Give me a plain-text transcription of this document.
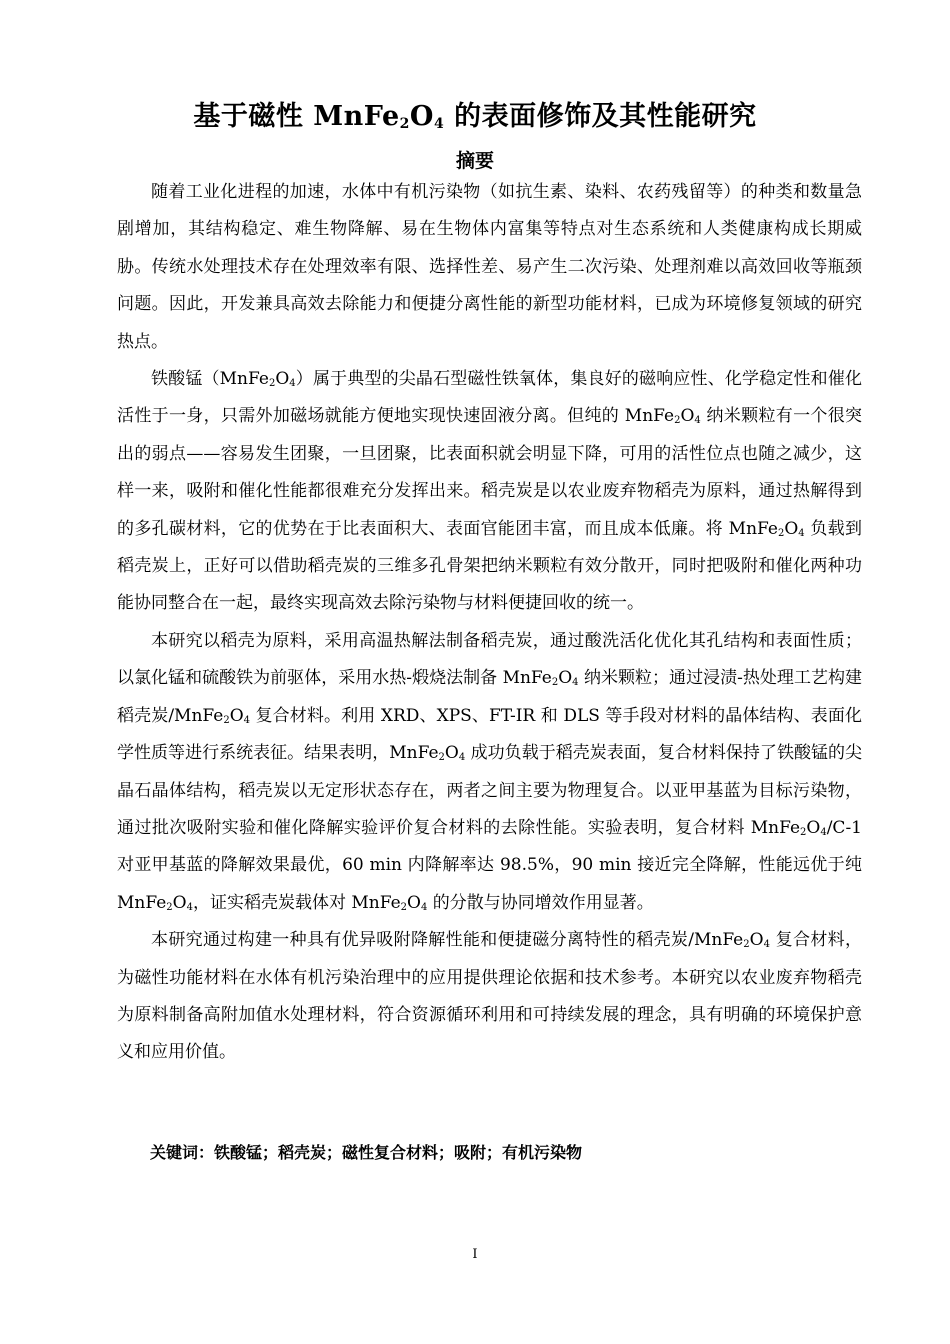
基于磁性 $MnFe_2O_4$ 的表面修饰及其性能研究
摘要

随着工业化进程的加速，水体中有机污染物（如抗生素、染料、农药残留等）的种类和数量急剧增加，其结构稳定、难生物降解、易在生物体内富集等特点对生态系统和人类健康构成长期威胁。传统水处理技术存在处理效率有限、选择性差、易产生二次污染、处理剂难以高效回收等瓶颈问题。因此，开发兼具高效去除能力和便捷分离性能的新型功能材料，已成为环境修复领域的研究热点。

铁酸锰$(MnFe_2O_4)$属于典型的尖晶石型磁性铁氧体，集良好的磁响应性、化学稳定性和催化活性于一身，只需外加磁场就能方便地实现快速固液分离。但纯的 $MnFe_2O_4$ 纳米颗粒有一个很突出的弱点——容易发生团聚，一旦团聚，比表面积就会明显下降，可用的活性位点也随之减少，这样一来，吸附和催化性能都很难充分发挥出来。稻壳炭是以农业废弃物稻壳为原料，通过热解得到的多孔碳材料，它的优势在于比表面积大、表面官能团丰富，而且成本低廉。将 $MnFe_2O_4$ 负载到稻壳炭上，正好可以借助稻壳炭的三维多孔骨架把纳米颗粒有效分散开，同时把吸附和催化两种功能协同整合在一起，最终实现高效去除污染物与材料便捷回收的统一。

本研究以稻壳为原料，采用高温热解法制备稻壳炭，通过酸洗活化优化其孔结构和表面性质；以氯化锰和硫酸铁为前驱体，采用水热-煅烧法制备 $MnFe_2O_4$ 纳米颗粒；通过浸渍-热处理工艺构建稻壳炭$/MnFe_2O_4$ 复合材料。利用 XRD、XPS、FT-IR 和 DLS 等手段对材料的晶体结构、表面化学性质等进行系统表征。结果表明，$MnFe_2O_4$ 成功负载于稻壳炭表面，复合材料保持了铁酸锰的尖晶石晶体结构，稻壳炭以无定形状态存在，两者之间主要为物理复合。以亚甲基蓝为目标污染物，通过批次吸附实验和催化降解实验评价复合材料的去除性能。实验表明，复合材料 $MnFe_2O_4/C-1$ 对亚甲基蓝的降解效果最优，60 min 内降解率达 98.5%，90 min 接近完全降解，性能远优于纯 $MnFe_2O_4$，证实稻壳炭载体对 $MnFe_2O_4$ 的分散与协同增效作用显著。

本研究通过构建一种具有优异吸附降解性能和便捷磁分离特性的稻壳炭$/MnFe_2O_4$ 复合材料，为磁性功能材料在水体有机污染治理中的应用提供理论依据和技术参考。本研究以农业废弃物稻壳为原料制备高附加值水处理材料，符合资源循环利用和可持续发展的理念，具有明确的环境保护意义和应用价值。

关键词：铁酸锰；稻壳炭；磁性复合材料；吸附；有机污染物

I
